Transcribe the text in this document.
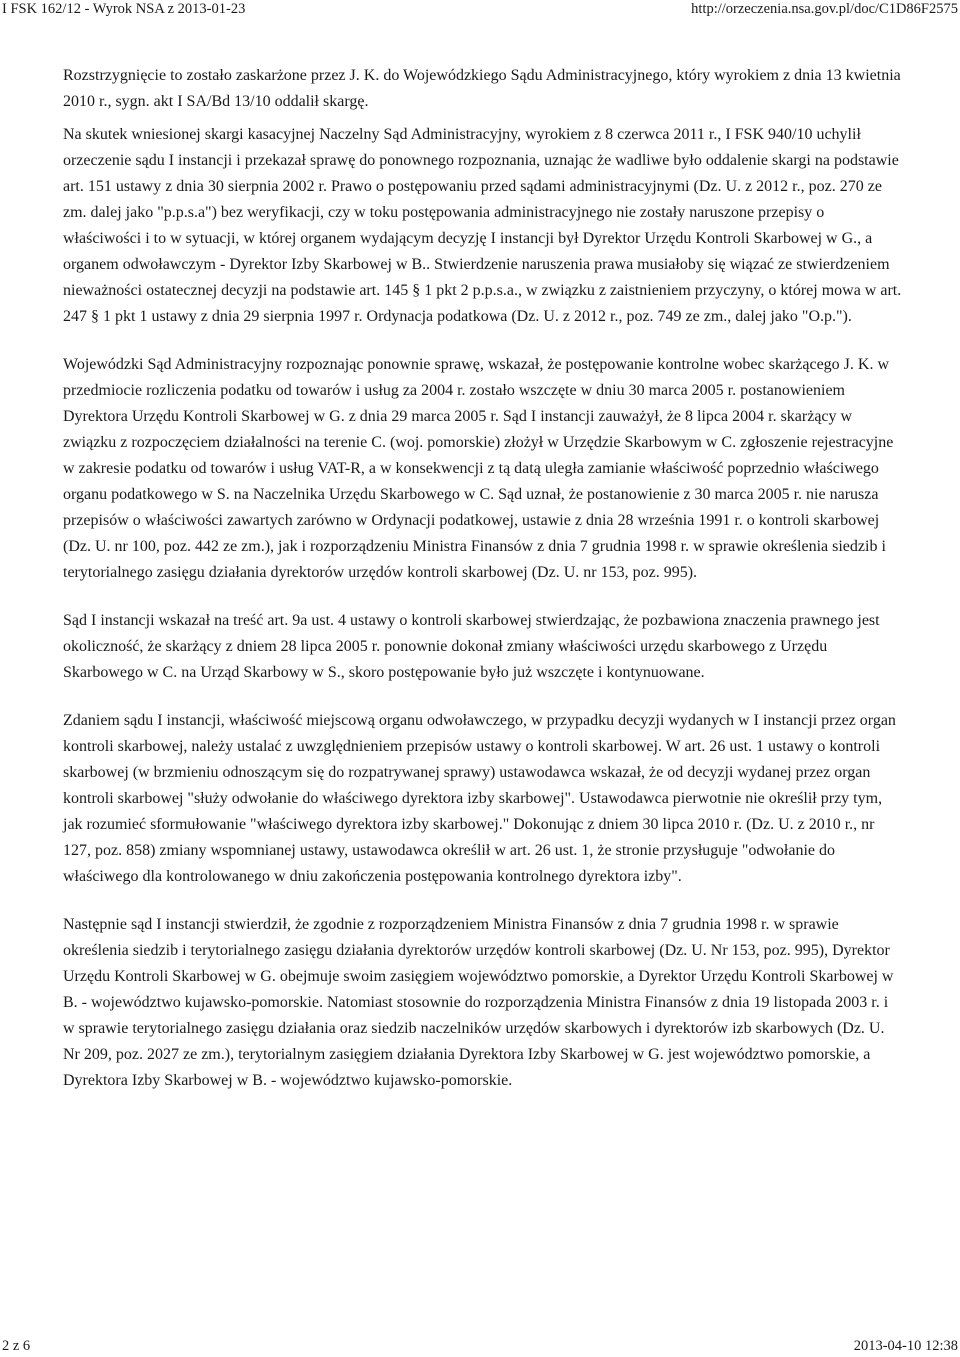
I FSK 162/12 - Wyrok NSA z 2013-01-23	http://orzeczenia.nsa.gov.pl/doc/C1D86F2575

Rozstrzygnięcie to zostało zaskarżone przez J. K. do Wojewódzkiego Sądu Administracyjnego, który wyrokiem z dnia 13 kwietnia 2010 r., sygn. akt I SA/Bd 13/10 oddalił skargę.

Na skutek wniesionej skargi kasacyjnej Naczelny Sąd Administracyjny, wyrokiem z 8 czerwca 2011 r., I FSK 940/10 uchylił orzeczenie sądu I instancji i przekazał sprawę do ponownego rozpoznania, uznając że wadliwe było oddalenie skargi na podstawie art. 151 ustawy z dnia 30 sierpnia 2002 r. Prawo o postępowaniu przed sądami administracyjnymi (Dz. U. z 2012 r., poz. 270 ze zm. dalej jako "p.p.s.a") bez weryfikacji, czy w toku postępowania administracyjnego nie zostały naruszone przepisy o właściwości i to w sytuacji, w której organem wydającym decyzję I instancji był Dyrektor Urzędu Kontroli Skarbowej w G., a organem odwoławczym - Dyrektor Izby Skarbowej w B.. Stwierdzenie naruszenia prawa musiałoby się wiązać ze stwierdzeniem nieważności ostatecznej decyzji na podstawie art. 145 § 1 pkt 2 p.p.s.a., w związku z zaistnieniem przyczyny, o której mowa w art. 247 § 1 pkt 1 ustawy z dnia 29 sierpnia 1997 r. Ordynacja podatkowa (Dz. U. z 2012 r., poz. 749 ze zm., dalej jako "O.p.").

Wojewódzki Sąd Administracyjny rozpoznając ponownie sprawę, wskazał, że postępowanie kontrolne wobec skarżącego J. K. w przedmiocie rozliczenia podatku od towarów i usług za 2004 r. zostało wszczęte w dniu 30 marca 2005 r. postanowieniem Dyrektora Urzędu Kontroli Skarbowej w G. z dnia 29 marca 2005 r. Sąd I instancji zauważył, że 8 lipca 2004 r. skarżący w związku z rozpoczęciem działalności na terenie C. (woj. pomorskie) złożył w Urzędzie Skarbowym w C. zgłoszenie rejestracyjne w zakresie podatku od towarów i usług VAT-R, a w konsekwencji z tą datą uległa zamianie właściwość poprzednio właściwego organu podatkowego w S. na Naczelnika Urzędu Skarbowego w C. Sąd uznał, że postanowienie z 30 marca 2005 r. nie narusza przepisów o właściwości zawartych zarówno w Ordynacji podatkowej, ustawie z dnia 28 września 1991 r. o kontroli skarbowej (Dz. U. nr 100, poz. 442 ze zm.), jak i rozporządzeniu Ministra Finansów z dnia 7 grudnia 1998 r. w sprawie określenia siedzib i terytorialnego zasięgu działania dyrektorów urzędów kontroli skarbowej (Dz. U. nr 153, poz. 995).

Sąd I instancji wskazał na treść art. 9a ust. 4 ustawy o kontroli skarbowej stwierdzając, że pozbawiona znaczenia prawnego jest okoliczność, że skarżący z dniem 28 lipca 2005 r. ponownie dokonał zmiany właściwości urzędu skarbowego z Urzędu Skarbowego w C. na Urząd Skarbowy w S., skoro postępowanie było już wszczęte i kontynuowane.

Zdaniem sądu I instancji, właściwość miejscową organu odwoławczego, w przypadku decyzji wydanych w I instancji przez organ kontroli skarbowej, należy ustalać z uwzględnieniem przepisów ustawy o kontroli skarbowej. W art. 26 ust. 1 ustawy o kontroli skarbowej (w brzmieniu odnoszącym się do rozpatrywanej sprawy) ustawodawca wskazał, że od decyzji wydanej przez organ kontroli skarbowej "służy odwołanie do właściwego dyrektora izby skarbowej". Ustawodawca pierwotnie nie określił przy tym, jak rozumieć sformułowanie "właściwego dyrektora izby skarbowej." Dokonując z dniem 30 lipca 2010 r. (Dz. U. z 2010 r., nr 127, poz. 858) zmiany wspomnianej ustawy, ustawodawca określił w art. 26 ust. 1, że stronie przysługuje "odwołanie do właściwego dla kontrolowanego w dniu zakończenia postępowania kontrolnego dyrektora izby".

Następnie sąd I instancji stwierdził, że zgodnie z rozporządzeniem Ministra Finansów z dnia 7 grudnia 1998 r. w sprawie określenia siedzib i terytorialnego zasięgu działania dyrektorów urzędów kontroli skarbowej (Dz. U. Nr 153, poz. 995), Dyrektor Urzędu Kontroli Skarbowej w G. obejmuje swoim zasięgiem województwo pomorskie, a Dyrektor Urzędu Kontroli Skarbowej w B. - województwo kujawsko-pomorskie. Natomiast stosownie do rozporządzenia Ministra Finansów z dnia 19 listopada 2003 r. i w sprawie terytorialnego zasięgu działania oraz siedzib naczelników urzędów skarbowych i dyrektorów izb skarbowych (Dz. U. Nr 209, poz. 2027 ze zm.), terytorialnym zasięgiem działania Dyrektora Izby Skarbowej w G. jest województwo pomorskie, a Dyrektora Izby Skarbowej w B. - województwo kujawsko-pomorskie.

2 z 6	2013-04-10 12:38
